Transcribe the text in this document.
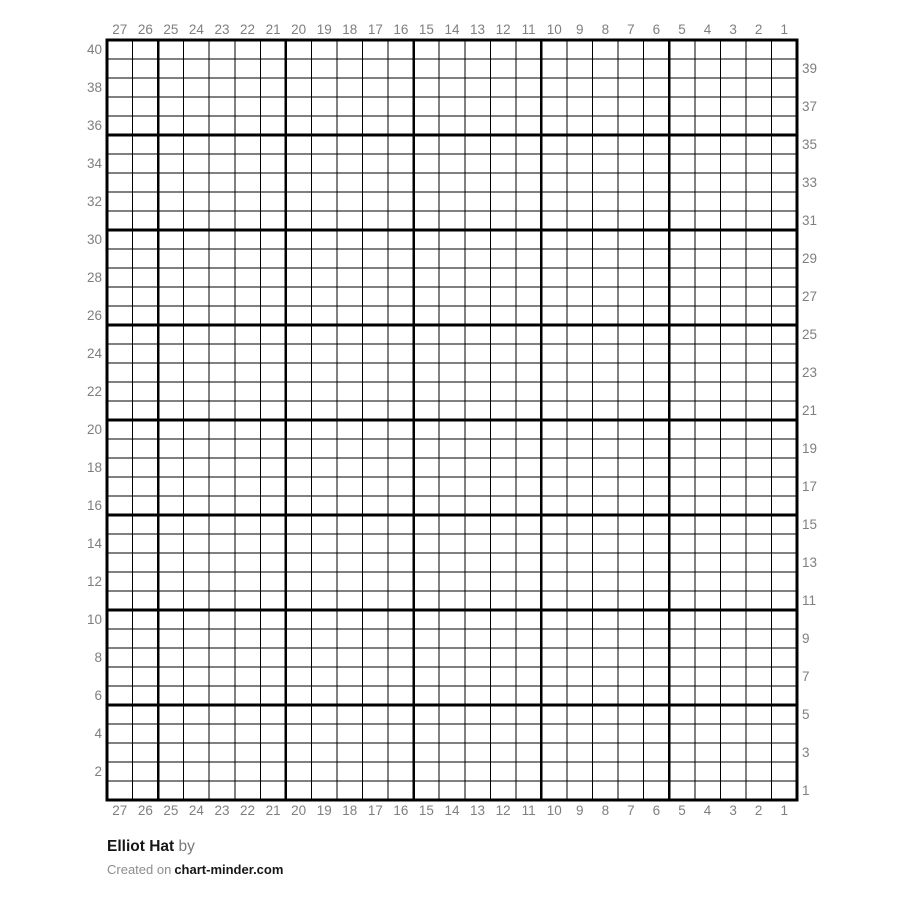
27 26 25 24 23 22 21 20 19 18 17 16 15 14 13 12 11 10 9 8 7 6 5 4 3 2 1
27 26 25 24 23 22 21 20 19 18 17 16 15 14 13 12 11 10 9 8 7 6 5 4 3 2 1
40
38
36
34
32
30
28
26
24
22
20
18
16
14
12
10
8
6
4
2
39
37
35
33
31
29
27
25
23
21
19
17
15
13
11
9
7
5
3
1
Elliot Hat by
Created on chart-minder.com
